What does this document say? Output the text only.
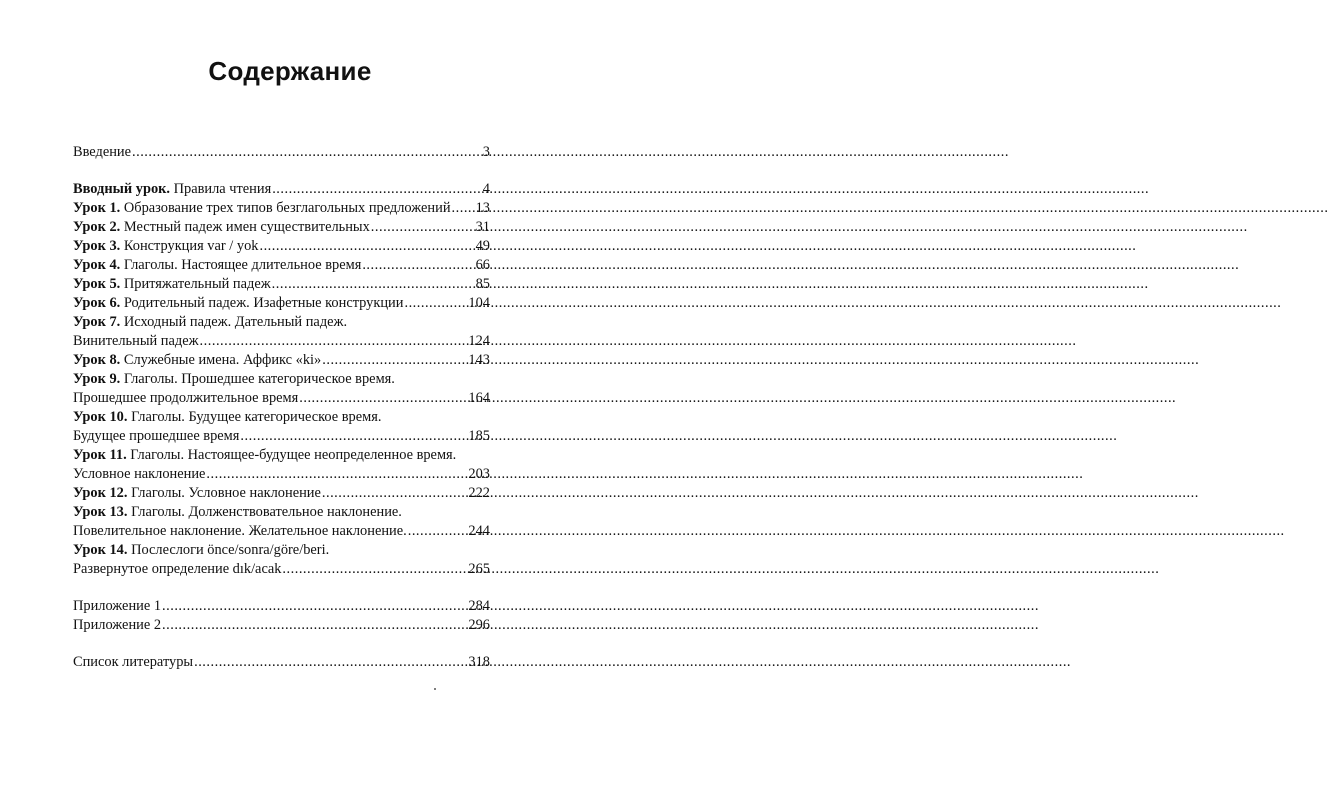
Содержание
Введение .....	3
Вводный урок. Правила чтения .....	4
Урок 1. Образование трех типов безглагольных предложений ..... 13
Урок 2. Местный падеж имен существительных .....	31
Урок 3. Конструкция var / yok .....	49
Урок 4. Глаголы. Настоящее длительное время .....	66
Урок 5. Притяжательный падеж .....	85
Урок 6. Родительный падеж. Изафетные конструкции .....	104
Урок 7. Исходный падеж. Дательный падеж.
Винительный падеж .....	124
Урок 8. Служебные имена. Аффикс «ki» .....	143
Урок 9. Глаголы. Прошедшее категорическое время.
Прошедшее продолжительное время .....	164
Урок 10. Глаголы. Будущее категорическое время.
Будущее прошедшее время .....	185
Урок 11. Глаголы. Настоящее-будущее неопределенное время.
Условное наклонение .....	203
Урок 12. Глаголы. Условное наклонение .....	222
Урок 13. Глаголы. Долженствовательное наклонение.
Повелительное наклонение. Желательное наклонение. .....	244
Урок 14. Послеслоги önce/sonra/göre/beri.
Развернутое определение dık/acak .....	265
Приложение 1 .....	284
Приложение 2 .....	296
Список литературы .....	318
